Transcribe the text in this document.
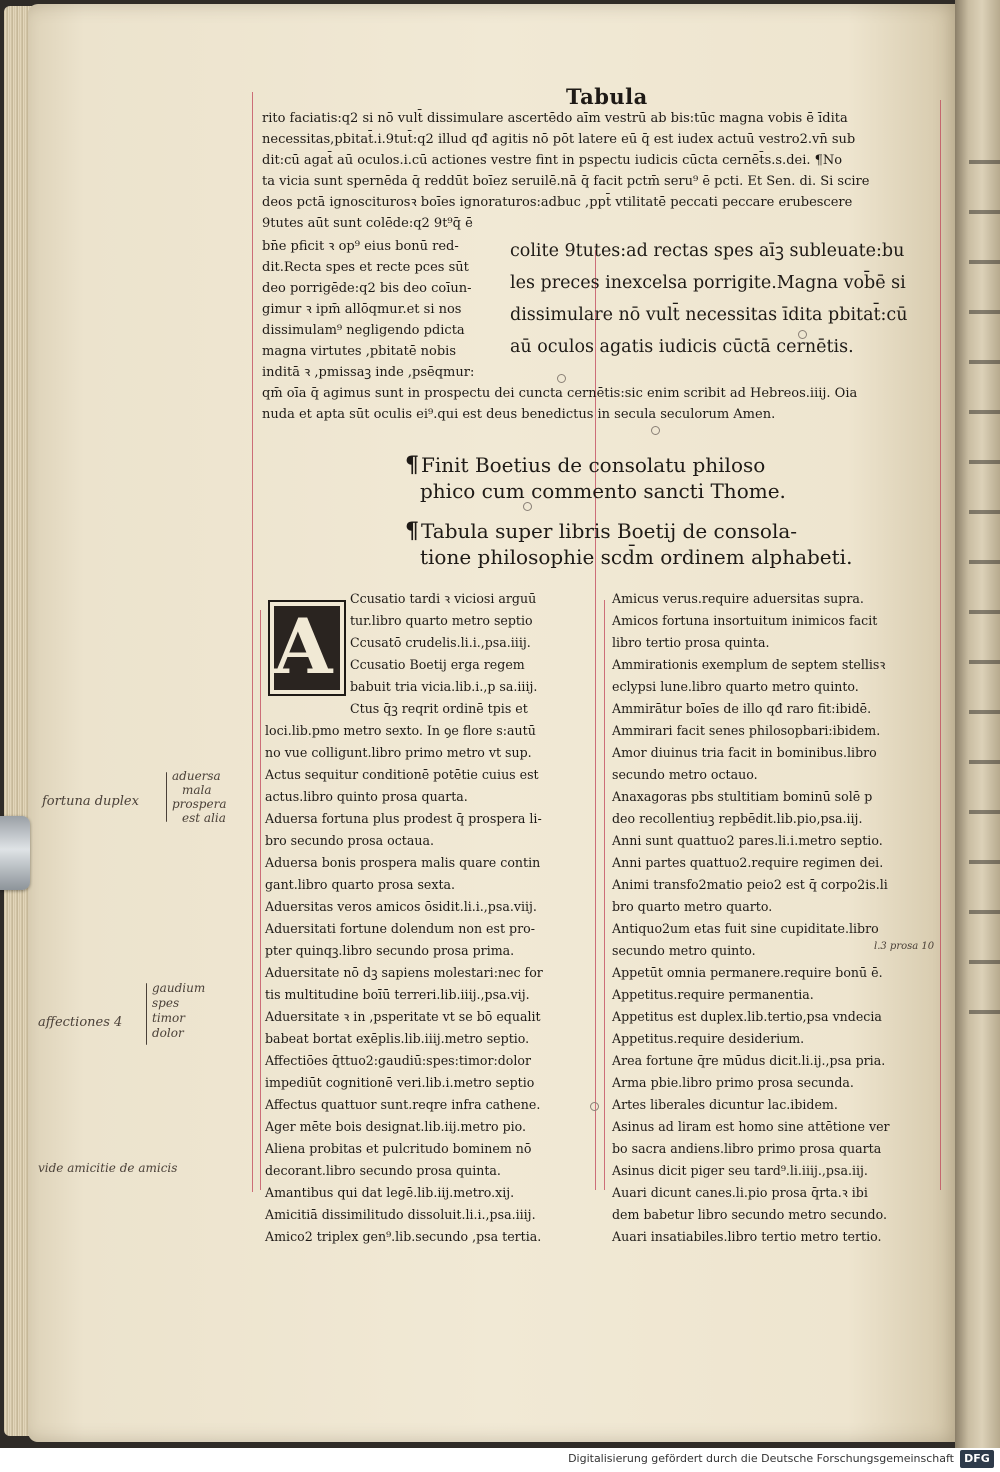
Tabula
rito faciatis:q2 si nō vult̄ dissimulare ascertēdo aīm vestrū ab bis:tūc magna vobis ē īdita
necessitas,pbitat̄.i.9tut̄:q2 illud qđ agitis nō pōt latere eū q̄ est iudex actuū vestro2.vn̄ sub
dit:cū agat̄ aū oculos.i.cū actiones vestre fint in pspectu iudicis cūcta cernēt̄s.s.dei. ¶No
ta vicia sunt spernēda q̄ reddūt boīez seruilē.nā q̄ facit pctm̄ seru⁹ ē pcti. Et Sen. di. Si scire
deos pctā ignosciturosꝛ boīes ignoraturos:adbuc ,ppt̄ vtilitatē peccati peccare erubescere
9tutes aūt sunt colēde:q2 9t⁹q̄ ē
bn̄e pficit ꝛ op⁹ eius bonū red-
dit.Recta spes et recte pces sūt
deo porrigēde:q2 bis deo coīun-
gimur ꝛ ipm̄ allōqmur.et si nos
dissimulam⁹ negligendo pdicta
magna virtutes ,pbitatē nobis
inditā ꝛ ,pmissaꝫ inde ,psēqmur:
colite 9tutes:ad rectas spes aīꝫ subleuate:bu
les preces inexcelsa porrigite.Magna vob̄ē si
dissimulare nō vult̄ necessitas īdita pbitat̄:cū
aū oculos agatis iudicis cūctā cernētis.
qm̄ oīa q̄ agimus sunt in prospectu dei cuncta cernētis:sic enim scribit ad Hebreos.iiij. Oia
nuda et apta sūt oculis ei⁹.qui est deus benedictus in secula seculorum Amen.
¶ Finit Boetius de consolatu philoso
phico cum commento sancti Thome.
¶ Tabula super libris Boetij de consola-
tione philosophie scd̄m ordinem alphabeti.
A
Ccusatio tardi ꝛ viciosi arguū
tur.libro quarto metro septio
Ccusatō crudelis.li.i.,psa.iiij.
Ccusatio Boetij erga regem
babuit tria vicia.lib.i.,p sa.iiij.
Ctus q̄ꝫ reqrit ordinē tpis et
loci.lib.pmo metro sexto. In ꝯe flore s:autū
no vue colligunt.libro primo metro vt sup.
Actus sequitur conditionē potētie cuius est
actus.libro quinto prosa quarta.
Aduersa fortuna plus prodest q̄ prospera li-
bro secundo prosa octaua.
Aduersa bonis prospera malis quare contin
gant.libro quarto prosa sexta.
Aduersitas veros amicos ōsidit.li.i.,psa.viij.
Aduersitati fortune dolendum non est pro-
pter quinqꝫ.libro secundo prosa prima.
Aduersitate nō dꝫ sapiens molestari:nec for
tis multitudine boīū terreri.lib.iiij.,psa.vij.
Aduersitate ꝛ in ,psperitate vt se bō equalit
babeat bortat exēplis.lib.iiij.metro septio.
Affectiōes q̄ttuo2:gaudiū:spes:timor:dolor
impediūt cognitionē veri.lib.i.metro septio
Affectus quattuor sunt.reqre infra cathene.
Ager mēte bois designat.lib.iij.metro pio.
Aliena probitas et pulcritudo bominem nō
decorant.libro secundo prosa quinta.
Amantibus qui dat legē.lib.iij.metro.xij.
Amicitiā dissimilitudo dissoluit.li.i.,psa.iiij.
Amico2 triplex gen⁹.lib.secundo ,psa tertia.
Amicus verus.require aduersitas supra.
Amicos fortuna insortuitum inimicos facit
libro tertio prosa quinta.
Ammirationis exemplum de septem stellisꝛ
eclypsi lune.libro quarto metro quinto.
Ammirātur boīes de illo qđ raro fit:ibidē.
Ammirari facit senes philosopbari:ibidem.
Amor diuinus tria facit in bominibus.libro
secundo metro octauo.
Anaxagoras pbs stultitiam bominū solē p
deo recollentiuꝫ repbēdit.lib.pio,psa.iij.
Anni sunt quattuo2 pares.li.i.metro septio.
Anni partes quattuo2.require regimen dei.
Animi transfo2matio peio2 est q̄ corpo2is.li
bro quarto metro quarto.
Antiquo2um etas fuit sine cupiditate.libro
secundo metro quinto.
Appetūt omnia permanere.require bonū ē.
Appetitus.require permanentia.
Appetitus est duplex.lib.tertio,psa vndecia
Appetitus.require desiderium.
Area fortune q̄re mūdus dicit.li.ij.,psa pria.
Arma pbie.libro primo prosa secunda.
Artes liberales dicuntur lac.ibidem.
Asinus ad liram est homo sine attētione ver
bo sacra andiens.libro primo prosa quarta
Asinus dicit piger seu tard⁹.li.iiij.,psa.iij.
Auari dicunt canes.li.pio prosa q̄rta.ꝛ ibi
dem babetur libro secundo metro secundo.
Auari insatiabiles.libro tertio metro tertio.
fortuna duplex
aduersa
mala
prospera
est alia
affectiones 4
gaudium
spes
timor
dolor
vide amicitie de amicis
l.3 prosa 10
Digitalisierung gefördert durch die Deutsche Forschungsgemeinschaft DFG
